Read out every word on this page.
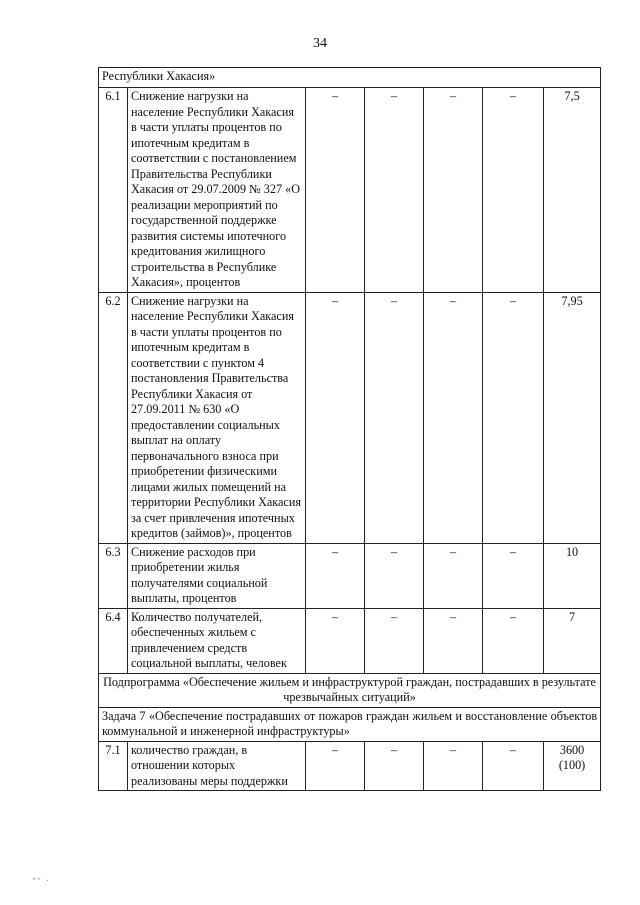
34
Республики Хакасия»						
6.1	Снижение нагрузки на население Республики Хакасия в части уплаты процентов по ипотечным кредитам в соответствии с постановлением Правительства Республики Хакасия от 29.07.2009 № 327 «О реализации мероприятий по государственной поддержке развития системы ипотечного кредитования жилищного строительства в Республике Хакасия», процентов	–	–	–	–	7,5
6.2	Снижение нагрузки на население Республики Хакасия в части уплаты процентов по ипотечным кредитам в соответствии с пунктом 4 постановления Правительства Республики Хакасия от 27.09.2011 № 630 «О предоставлении социальных выплат на оплату первоначального взноса при приобретении физическими лицами жилых помещений на территории Республики Хакасия за счет привлечения ипотечных кредитов (займов)», процентов	–	–	–	–	7,95
6.3	Снижение расходов при приобретении жилья получателями социальной выплаты, процентов	–	–	–	–	10
6.4	Количество получателей, обеспеченных жильем с привлечением средств социальной выплаты, человек	–	–	–	–	7
Подпрограмма «Обеспечение жильем и инфраструктурой граждан, пострадавших в результате чрезвычайных ситуаций»						
Задача 7 «Обеспечение пострадавших от пожаров граждан жильем и восстановление объектов коммунальной и инженерной инфраструктуры»						
7.1	количество граждан, в отношении которых реализованы меры поддержки	–	–	–	–	3600
(100)
ᐩᐩ ·
